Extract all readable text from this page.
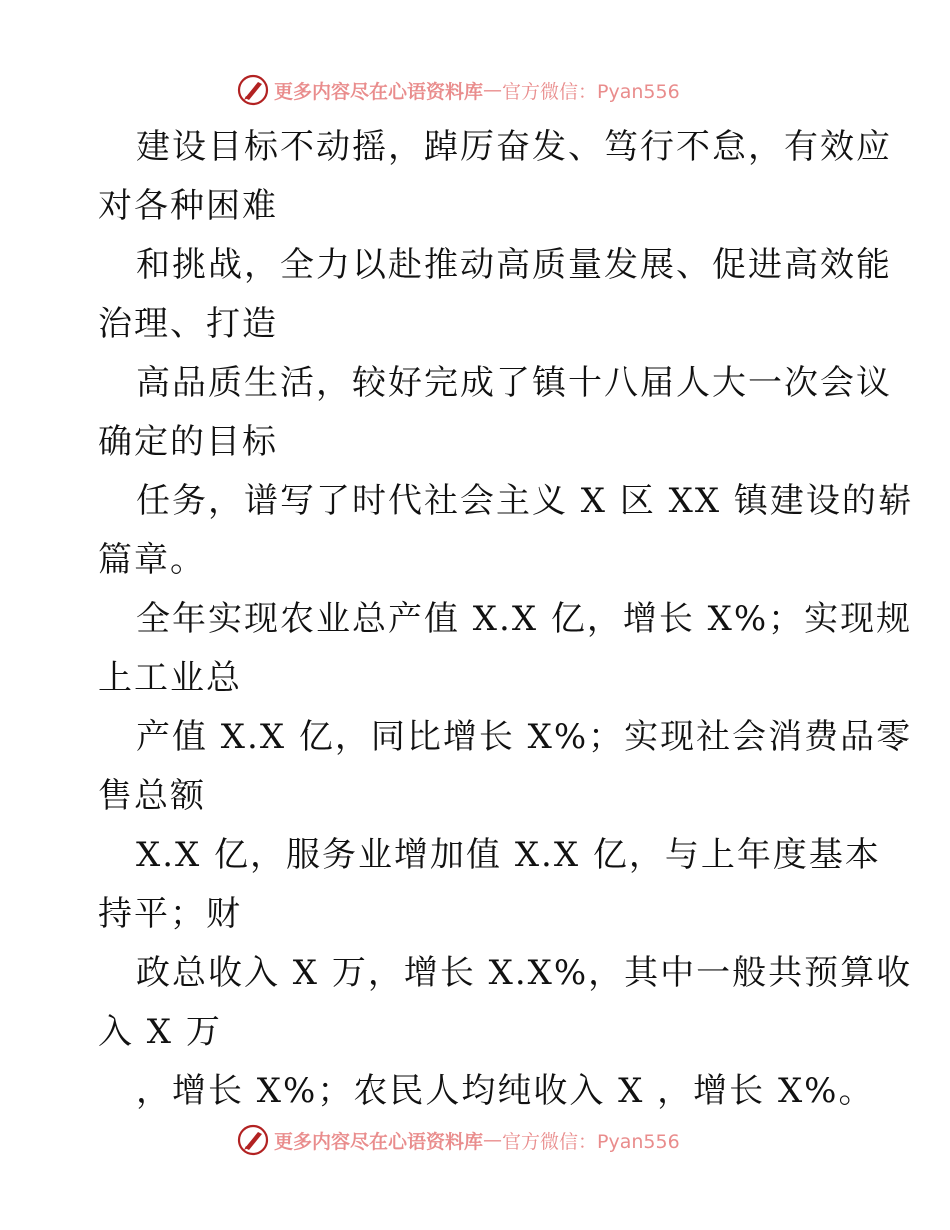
更多内容尽在心语资料库 — 官方微信：Pyan556
建设目标不动摇，踔厉奋发、笃行不怠，有效应
对各种困难
和挑战，全力以赴推动高质量发展、促进高效能
治理、打造
高品质生活，较好完成了镇十八届人大一次会议
确定的目标
任务，谱写了时代社会主义 X 区 XX 镇建设的崭
篇章。
全年实现农业总产值 X.X 亿，增长 X%；实现规
上工业总
产值 X.X 亿，同比增长 X%；实现社会消费品零
售总额
X.X 亿，服务业增加值 X.X 亿，与上年度基本
持平；财
政总收入 X 万，增长 X.X%，其中一般共预算收
入 X 万
，增长 X%；农民人均纯收入 X ，增长 X%。
更多内容尽在心语资料库 — 官方微信：Pyan556
